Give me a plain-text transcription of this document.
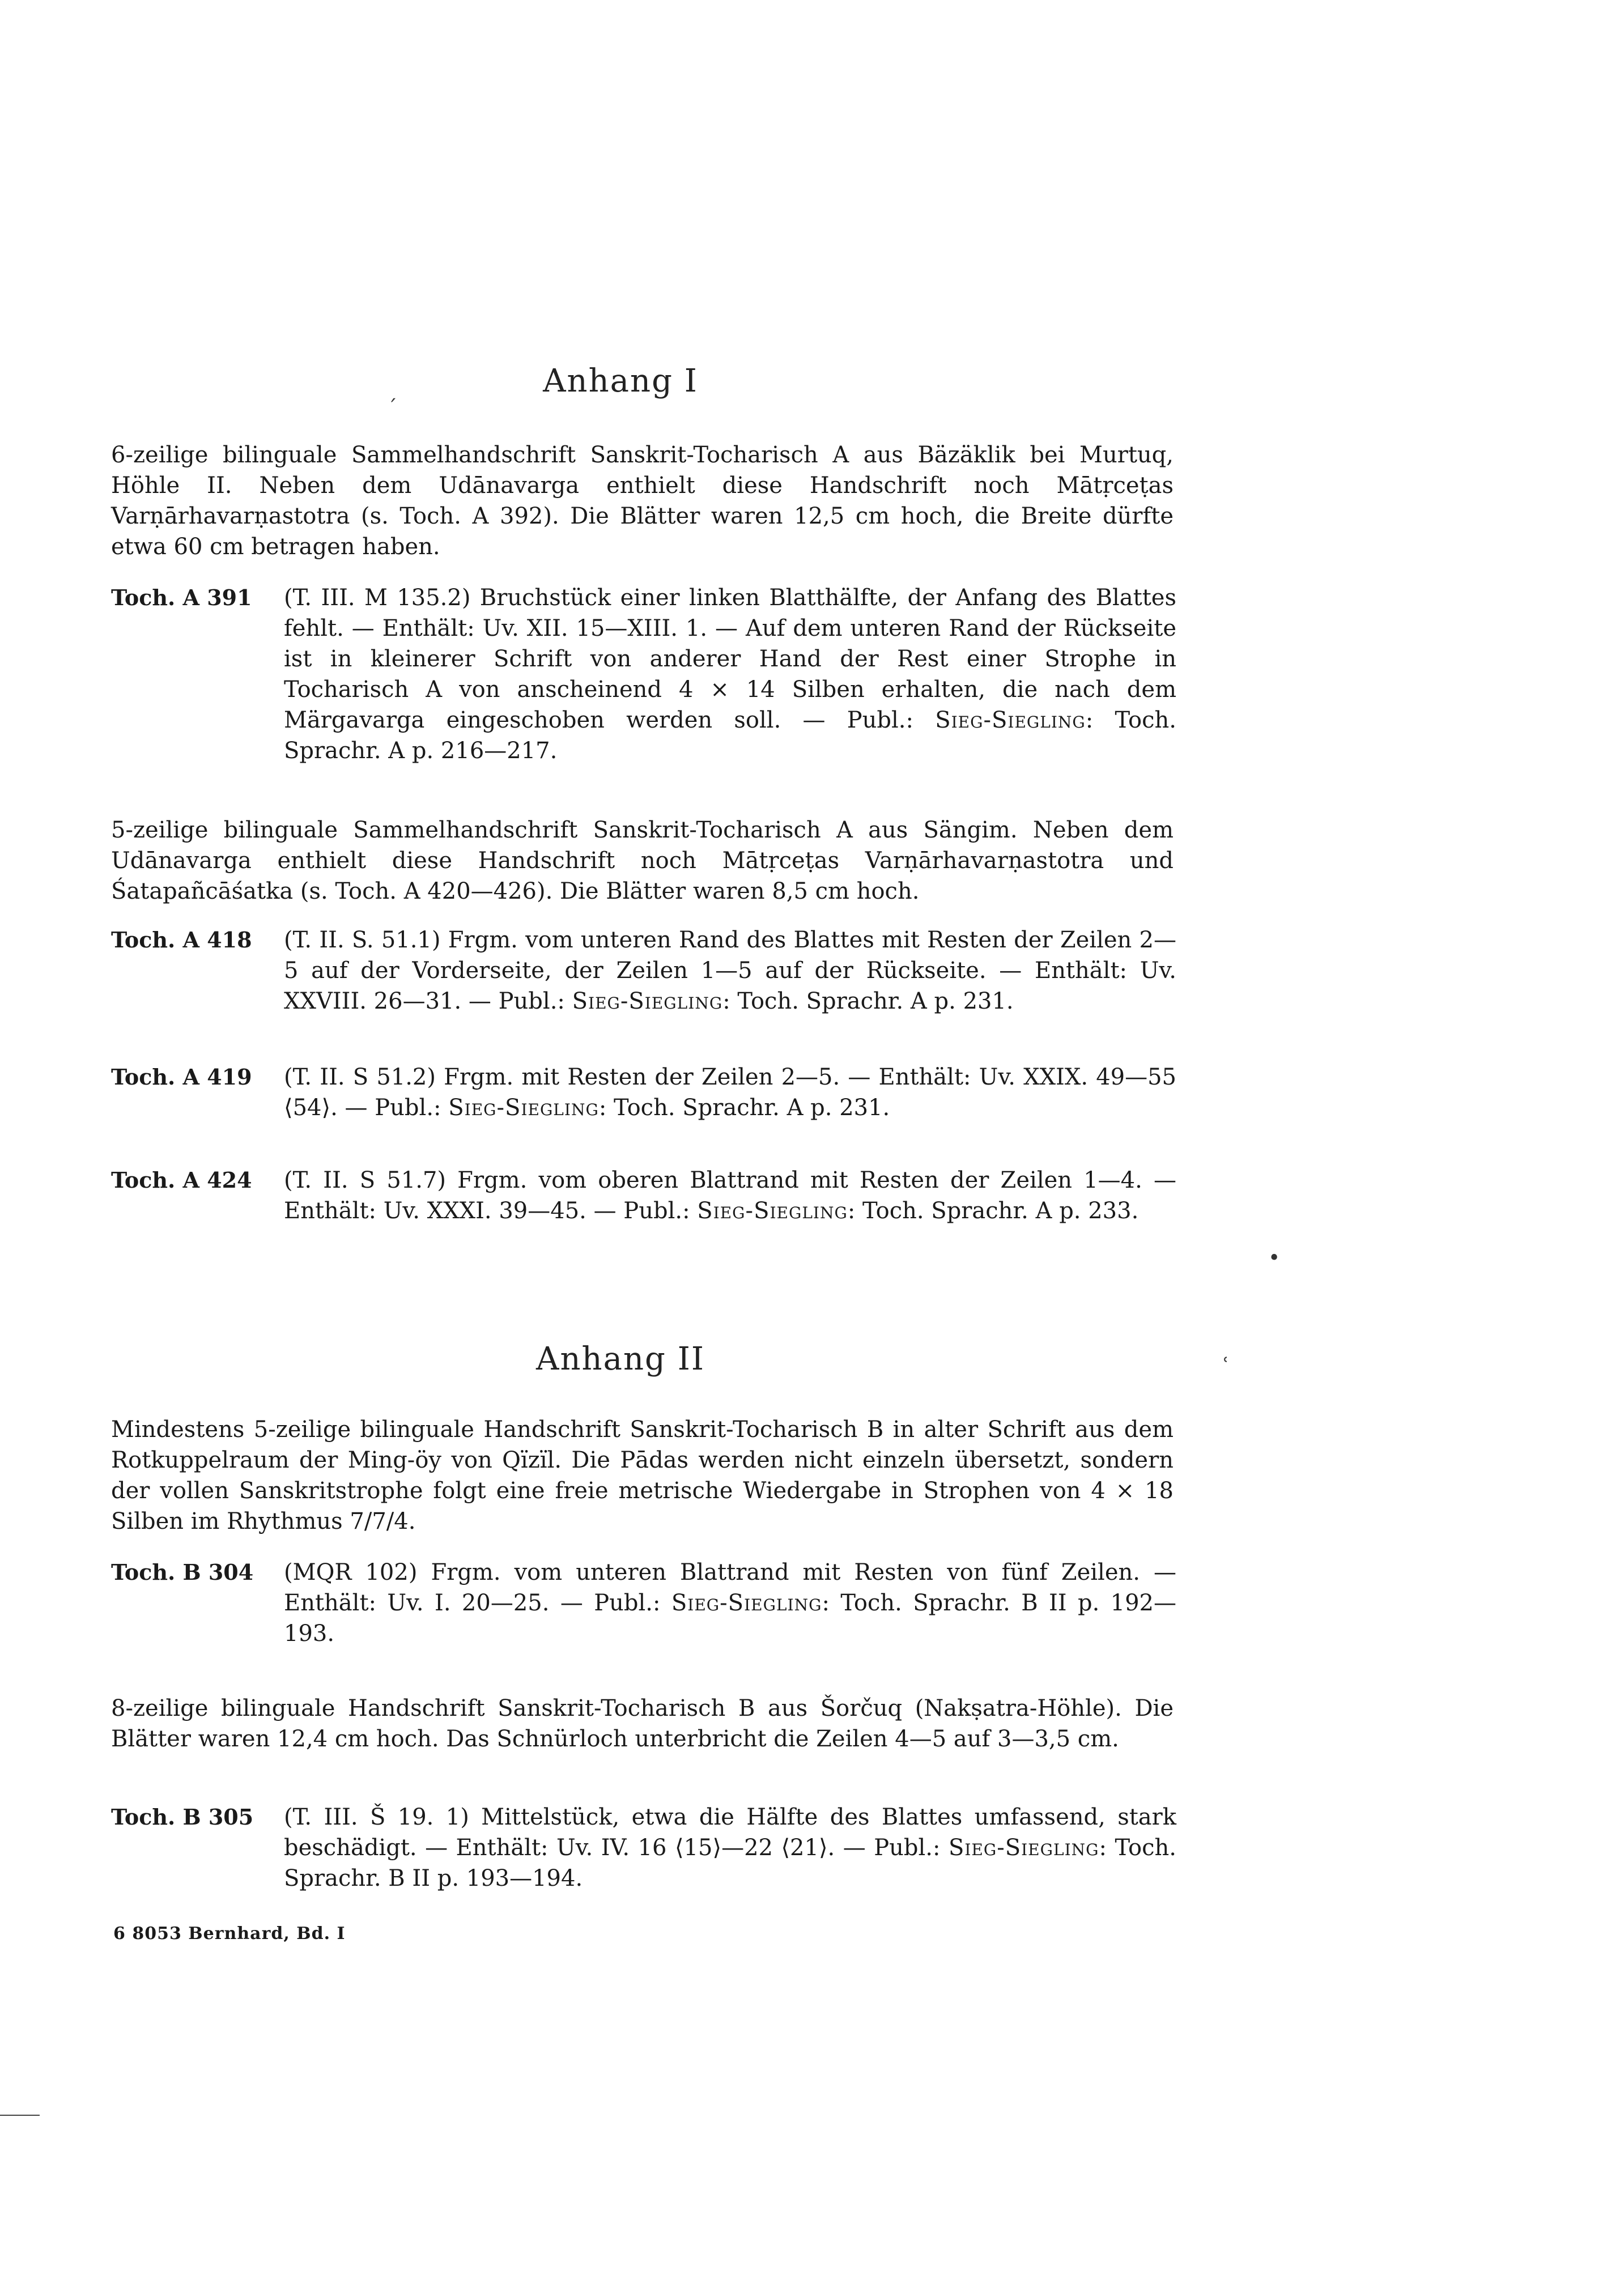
Anhang I
ˊ
6-zeilige bilinguale Sammelhandschrift Sanskrit-Tocharisch A aus Bäzäklik bei Murtuq, Höhle II. Neben dem Udānavarga enthielt diese Handschrift noch Mātṛceṭas Varṇārhavarṇastotra (s. Toch. A 392). Die Blätter waren 12,5 cm hoch, die Breite dürfte etwa 60 cm betragen haben.
Toch. A 391	(T. III. M 135.2) Bruchstück einer linken Blatthälfte, der Anfang des Blattes fehlt. — Enthält: Uv. XII. 15—XIII. 1. — Auf dem unteren Rand der Rückseite ist in kleinerer Schrift von anderer Hand der Rest einer Strophe in Tocharisch A von anscheinend 4 × 14 Silben erhalten, die nach dem Märgavarga eingeschoben werden soll. — Publ.: Sieg-Siegling: Toch. Sprachr. A p. 216—217.
5-zeilige bilinguale Sammelhandschrift Sanskrit-Tocharisch A aus Sängim. Neben dem Udānavarga enthielt diese Handschrift noch Mātṛceṭas Varṇārhavarṇastotra und Śatapañcāśatka (s. Toch. A 420—426). Die Blätter waren 8,5 cm hoch.
Toch. A 418	(T. II. S. 51.1) Frgm. vom unteren Rand des Blattes mit Resten der Zeilen 2—5 auf der Vorderseite, der Zeilen 1—5 auf der Rückseite. — Enthält: Uv. XXVIII. 26—31. — Publ.: Sieg-Siegling: Toch. Sprachr. A p. 231.
Toch. A 419	(T. II. S 51.2) Frgm. mit Resten der Zeilen 2—5. — Enthält: Uv. XXIX. 49—55 ⟨54⟩. — Publ.: Sieg-Siegling: Toch. Sprachr. A p. 231.
Toch. A 424	(T. II. S 51.7) Frgm. vom oberen Blattrand mit Resten der Zeilen 1—4. — Enthält: Uv. XXXI. 39—45. — Publ.: Sieg-Siegling: Toch. Sprachr. A p. 233.
•
Anhang II	ʿ
Mindestens 5-zeilige bilinguale Handschrift Sanskrit-Tocharisch B in alter Schrift aus dem Rotkuppelraum der Ming-öy von Qïzïl. Die Pādas werden nicht einzeln übersetzt, sondern der vollen Sanskritstrophe folgt eine freie metrische Wiedergabe in Strophen von 4 × 18 Silben im Rhythmus 7/7/4.
Toch. B 304	(MQR 102) Frgm. vom unteren Blattrand mit Resten von fünf Zeilen. — Enthält: Uv. I. 20—25. — Publ.: Sieg-Siegling: Toch. Sprachr. B II p. 192—193.
8-zeilige bilinguale Handschrift Sanskrit-Tocharisch B aus Šorčuq (Nakṣatra-Höhle). Die Blätter waren 12,4 cm hoch. Das Schnürloch unterbricht die Zeilen 4—5 auf 3—3,5 cm.
Toch. B 305	(T. III. Š 19. 1) Mittelstück, etwa die Hälfte des Blattes umfassend, stark beschädigt. — Enthält: Uv. IV. 16 ⟨15⟩—22 ⟨21⟩. — Publ.: Sieg-Siegling: Toch. Sprachr. B II p. 193—194.
6 8053 Bernhard, Bd. I
